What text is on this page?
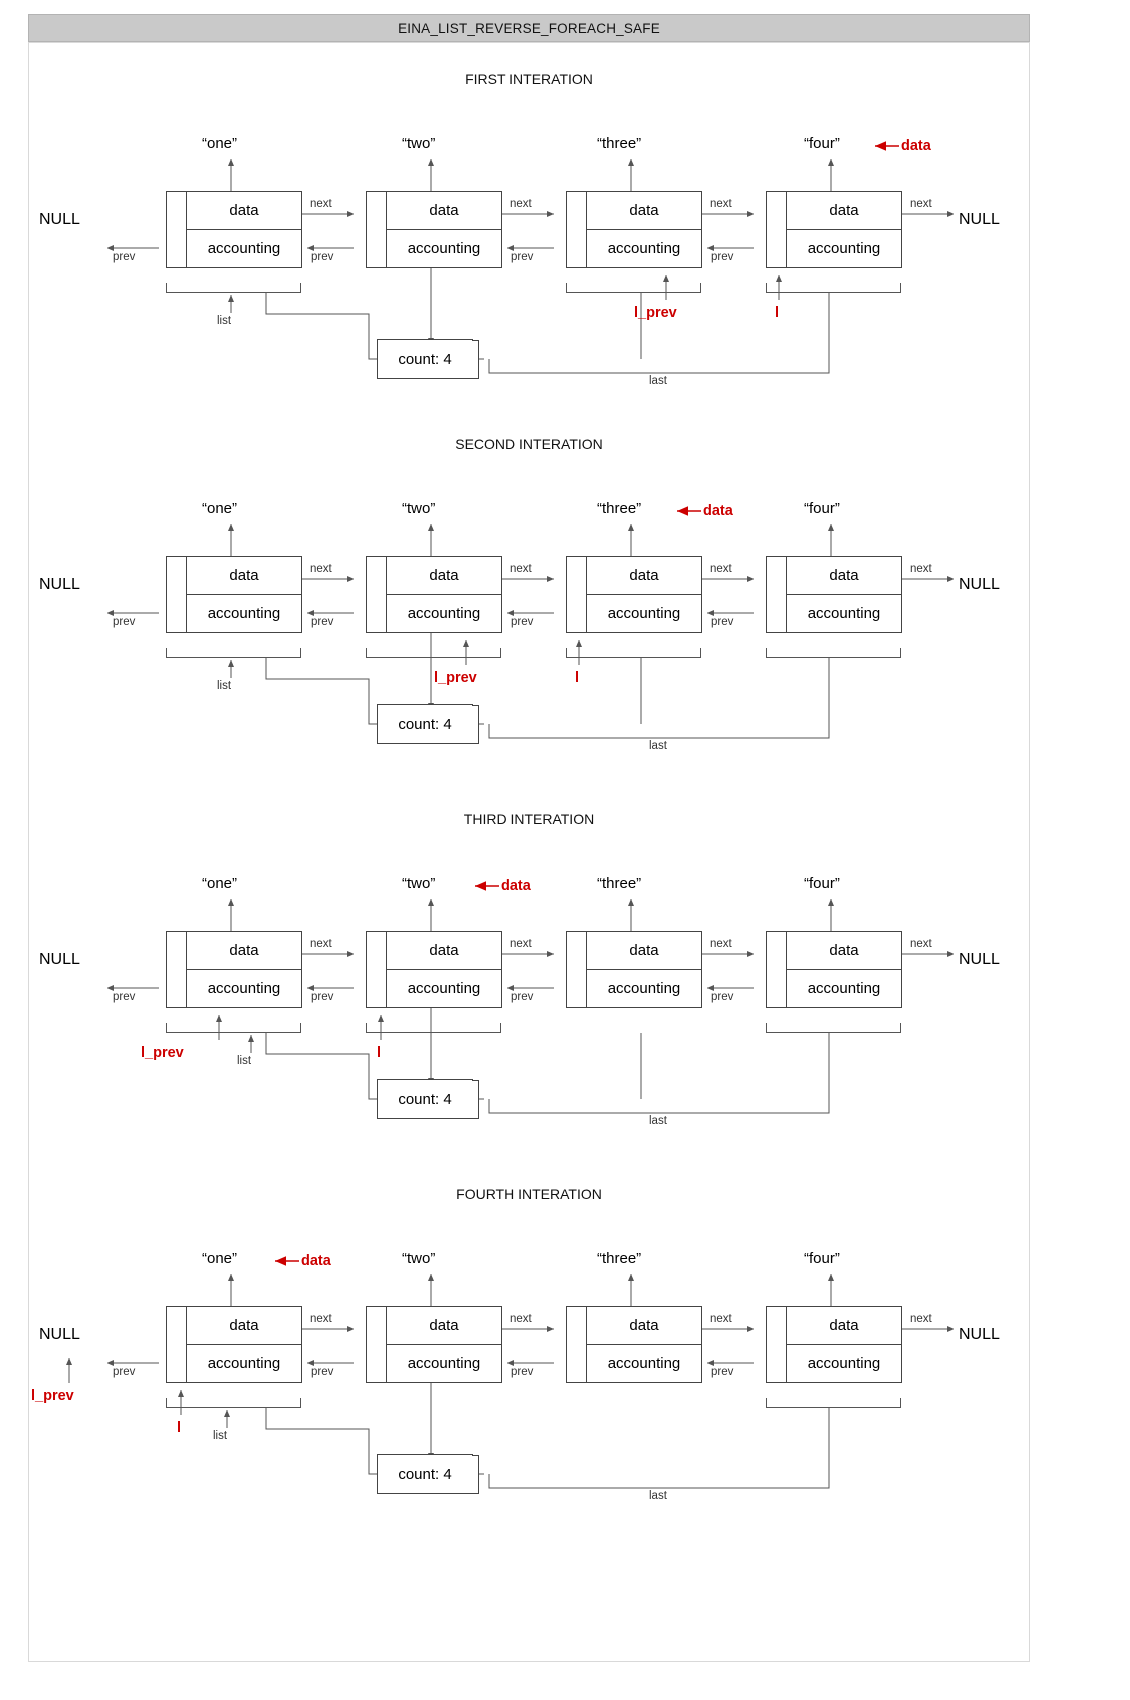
EINA_LIST_REVERSE_FOREACH_SAFE
FIRST INTERATION
“one”	“two”	“three”	“four”	data
data
accounting
data
accounting
data
accounting
data
accounting
next	next	next	next
prev	prev	prev
prev
NULL	NULL
list	l_prev	l
count: 4
last
SECOND INTERATION
“one”	“two”	“three”	“four”
data
data
accounting
data
accounting
data
accounting
data
accounting
next	next	next	next
prev	prev	prev
prev
NULL	NULL
list	l_prev	l
count: 4
last
THIRD INTERATION
“one”	“two”	“three”	“four”
data
data
accounting
data
accounting
data
accounting
data
accounting
next	next	next	next
prev	prev	prev
prev
NULL	NULL
list
l_prev	l
count: 4
last
FOURTH INTERATION
“one”	“two”	“three”	“four”
data
data
accounting
data
accounting
data
accounting
data
accounting
next	next	next	next
prev	prev	prev
prev
NULL	NULL
list
l_prev
l
count: 4
last
